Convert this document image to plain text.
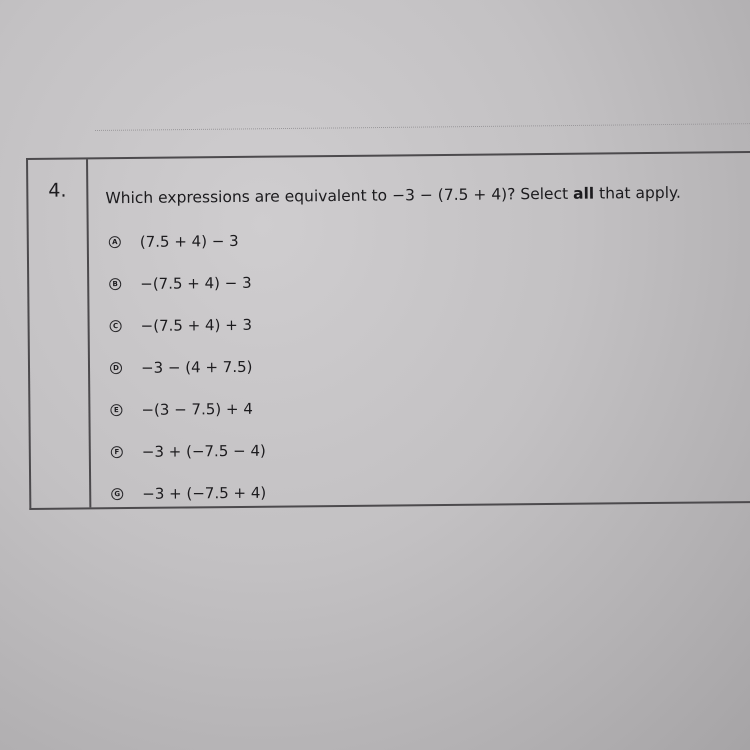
4. Which expressions are equivalent to −3 − (7.5 + 4)? Select all that apply.
A (7.5 + 4) − 3
B −(7.5 + 4) − 3
C −(7.5 + 4) + 3
D −3 − (4 + 7.5)
E −(3 − 7.5) + 4
F −3 + (−7.5 − 4)
G −3 + (−7.5 + 4)
